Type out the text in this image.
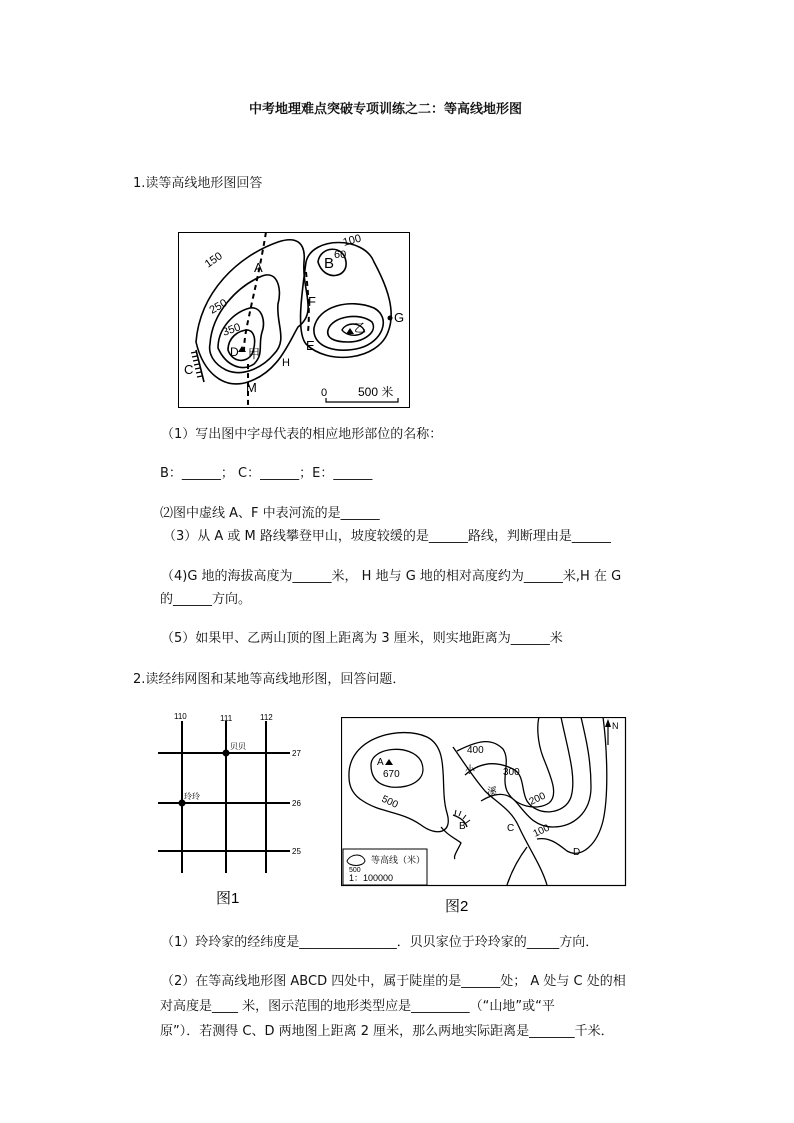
中考地理难点突破专项训练之二：等高线地形图
1.读等高线地形图回答
150
250
350
100
60
A	B
C
D	E
F
G
M
甲
乙
H
0	500 米
（1）写出图中字母代表的相应地形部位的名称：
B：______； C：______；E：______
⑵图中虚线 A、F 中表河流的是______
（3）从 A 或 M 路线攀登甲山，坡度较缓的是______路线，判断理由是______
（4)G 地的海拔高度为______米， H 地与 G 地的相对高度约为______米,H 在 G
的______方向。
（5）如果甲、乙两山顶的图上距离为 3 厘米，则实地距离为______米
2.读经纬网图和某地等高线地形图，回答问题．
110	111	112
27
26
25
贝贝
玲玲
图1
400
300
200
100
500
A
670
B	C
D
小
溪
N
500
等高线（米）
1：100000
图2
（1）玲玲家的经纬度是_______________．贝贝家位于玲玲家的_____方向．
（2）在等高线地形图 ABCD 四处中，属于陡崖的是______处； A 处与 C 处的相
对高度是____ 米，图示范围的地形类型应是_________（“山地”或“平
原”）．若测得 C、D 两地图上距离 2 厘米，那么两地实际距离是_______千米．
